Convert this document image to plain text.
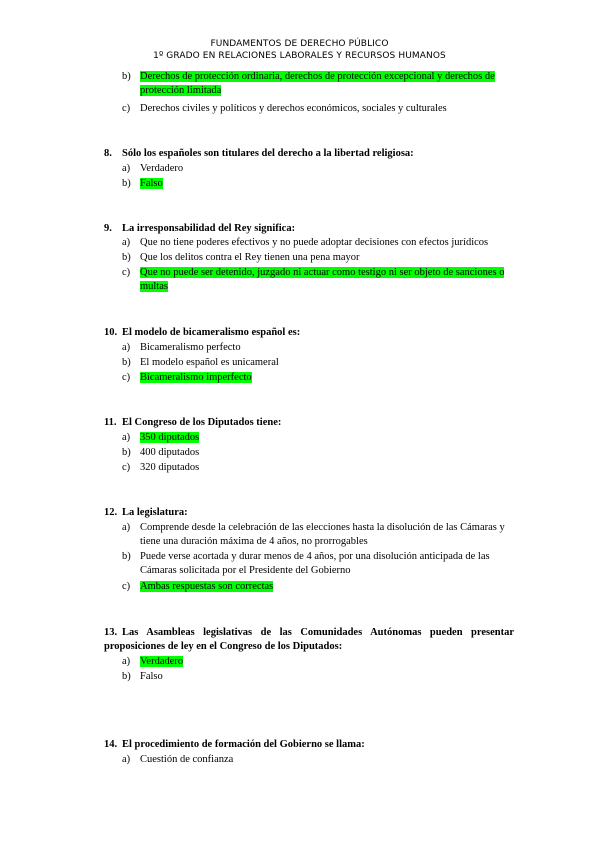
FUNDAMENTOS DE DERECHO PÚBLICO
1º GRADO EN RELACIONES LABORALES Y RECURSOS HUMANOS
b) Derechos de protección ordinaria, derechos de protección excepcional y derechos de protección limitada
c) Derechos civiles y políticos y derechos económicos, sociales y culturales
8. Sólo los españoles son titulares del derecho a la libertad religiosa:
a) Verdadero
b) Falso
9. La irresponsabilidad del Rey significa:
a) Que no tiene poderes efectivos y no puede adoptar decisiones con efectos jurídicos
b) Que los delitos contra el Rey tienen una pena mayor
c) Que no puede ser detenido, juzgado ni actuar como testigo ni ser objeto de sanciones o multas
10. El modelo de bicameralismo español es:
a) Bicameralismo perfecto
b) El modelo español es unicameral
c) Bicameralismo imperfecto
11. El Congreso de los Diputados tiene:
a) 350 diputados
b) 400 diputados
c) 320 diputados
12. La legislatura:
a) Comprende desde la celebración de las elecciones hasta la disolución de las Cámaras y tiene una duración máxima de 4 años, no prorrogables
b) Puede verse acortada y durar menos de 4 años, por una disolución anticipada de las Cámaras solicitada por el Presidente del Gobierno
c) Ambas respuestas son correctas
13. Las Asambleas legislativas de las Comunidades Autónomas pueden presentar proposiciones de ley en el Congreso de los Diputados:
a) Verdadero
b) Falso
14. El procedimiento de formación del Gobierno se llama:
a) Cuestión de confianza
